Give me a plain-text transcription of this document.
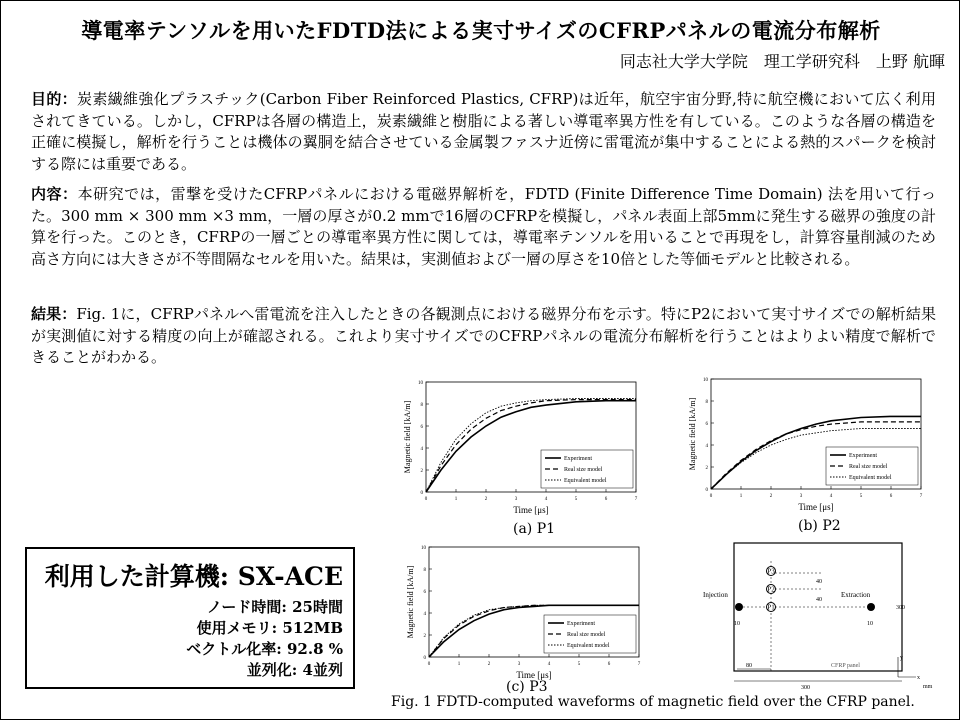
導電率テンソルを用いたFDTD法による実寸サイズのCFRPパネルの電流分布解析
同志社大学大学院　理工学研究科　上野 航暉
目的：炭素繊維強化プラスチック(Carbon Fiber Reinforced Plastics, CFRP)は近年，航空宇宙分野,特に航空機において広く利用されてきている。しかし，CFRPは各層の構造上，炭素繊維と樹脂による著しい導電率異方性を有している。このような各層の構造を正確に模擬し，解析を行うことは機体の翼胴を結合させている金属製ファスナ近傍に雷電流が集中することによる熱的スパークを検討する際には重要である。
内容：本研究では，雷撃を受けたCFRPパネルにおける電磁界解析を，FDTD (Finite Difference Time Domain) 法を用いて行った。300 mm × 300 mm ×3 mm，一層の厚さが0.2 mmで16層のCFRPを模擬し，パネル表面上部5mmに発生する磁界の強度の計算を行った。このとき，CFRPの一層ごとの導電率異方性に関しては，導電率テンソルを用いることで再現をし，計算容量削減のため高さ方向には大きさが不等間隔なセルを用いた。結果は，実測値および一層の厚さを10倍とした等価モデルと比較される。
結果：Fig. 1に，CFRPパネルへ雷電流を注入したときの各観測点における磁界分布を示す。特にP2において実寸サイズでの解析結果が実測値に対する精度の向上が確認される。これより実寸サイズでのCFRPパネルの電流分布解析を行うことはよりよい精度で解析できることがわかる。
利用した計算機: SX-ACE
ノード時間: 25時間
使用メモリ: 512MB
ベクトル化率: 92.8 %
並列化: 4並列
0	1	2	3	4	5	6	7
0
2
4
6
8
10
Time [μs]
Magnetic field [kA/m]	Experiment
Real size model
Equivalent model
0	1	2	3	4	5	6	7
0
2
4
6
8
10
Time [μs]
Magnetic field [kA/m]	Experiment
Real size model
Equivalent model
0	1	2	3	4	5	6	7
0
2
4
6
8
10
Time [μs]
Magnetic field [kA/m]	Experiment
Real size model
Equivalent model
(a) P1	(b) P2
(c) P3
P3
P2
P1
Injection	Extraction
40
40
300
80
10	10
300
CFRP panel
y
x
mm
Fig. 1 FDTD-computed waveforms of magnetic field over the CFRP panel.
